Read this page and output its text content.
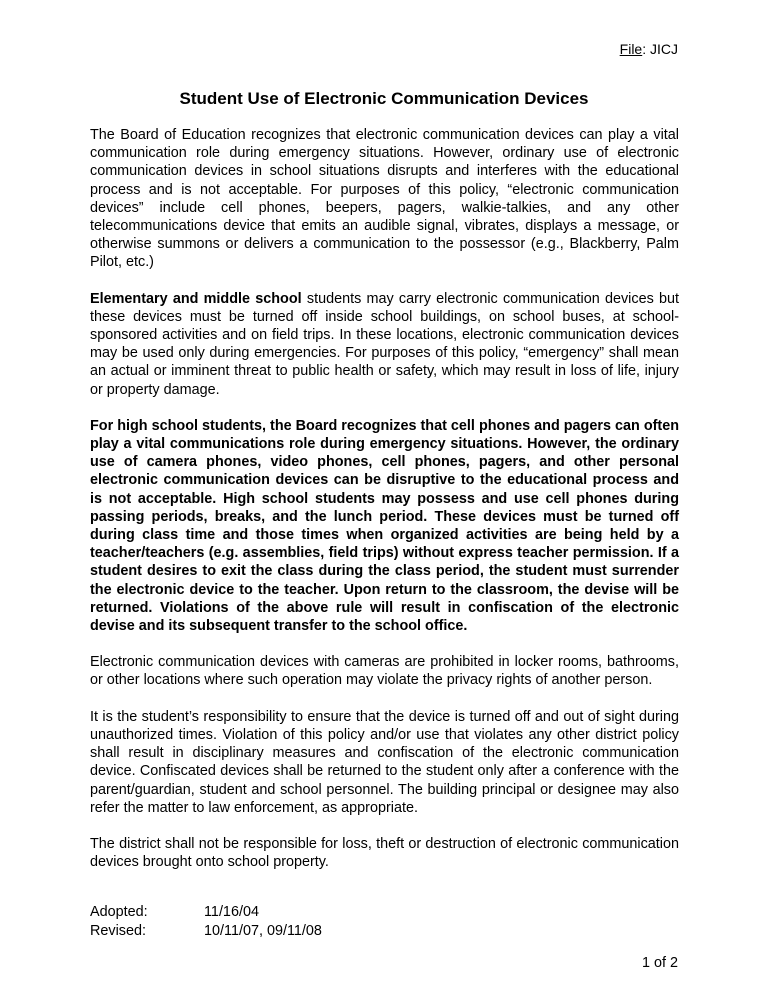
File: JICJ
Student Use of Electronic Communication Devices

The Board of Education recognizes that electronic communication devices can play a vital communication role during emergency situations. However, ordinary use of electronic communication devices in school situations disrupts and interferes with the educational process and is not acceptable. For purposes of this policy, “electronic communication devices” include cell phones, beepers, pagers, walkie-talkies, and any other telecommunications device that emits an audible signal, vibrates, displays a message, or otherwise summons or delivers a communication to the possessor (e.g., Blackberry, Palm Pilot, etc.)

Elementary and middle school students may carry electronic communication devices but these devices must be turned off inside school buildings, on school buses, at school-sponsored activities and on field trips. In these locations, electronic communication devices may be used only during emergencies. For purposes of this policy, “emergency” shall mean an actual or imminent threat to public health or safety, which may result in loss of life, injury or property damage.

For high school students, the Board recognizes that cell phones and pagers can often play a vital communications role during emergency situations. However, the ordinary use of camera phones, video phones, cell phones, pagers, and other personal electronic communication devices can be disruptive to the educational process and is not acceptable. High school students may possess and use cell phones during passing periods, breaks, and the lunch period. These devices must be turned off during class time and those times when organized activities are being held by a teacher/teachers (e.g. assemblies, field trips) without express teacher permission. If a student desires to exit the class during the class period, the student must surrender the electronic device to the teacher. Upon return to the classroom, the devise will be returned. Violations of the above rule will result in confiscation of the electronic devise and its subsequent transfer to the school office.

Electronic communication devices with cameras are prohibited in locker rooms, bathrooms, or other locations where such operation may violate the privacy rights of another person.

It is the student’s responsibility to ensure that the device is turned off and out of sight during unauthorized times. Violation of this policy and/or use that violates any other district policy shall result in disciplinary measures and confiscation of the electronic communication device. Confiscated devices shall be returned to the student only after a conference with the parent/guardian, student and school personnel. The building principal or designee may also refer the matter to law enforcement, as appropriate.

The district shall not be responsible for loss, theft or destruction of electronic communication devices brought onto school property.

Adopted:	11/16/04
Revised:	10/11/07, 09/11/08
1 of 2
